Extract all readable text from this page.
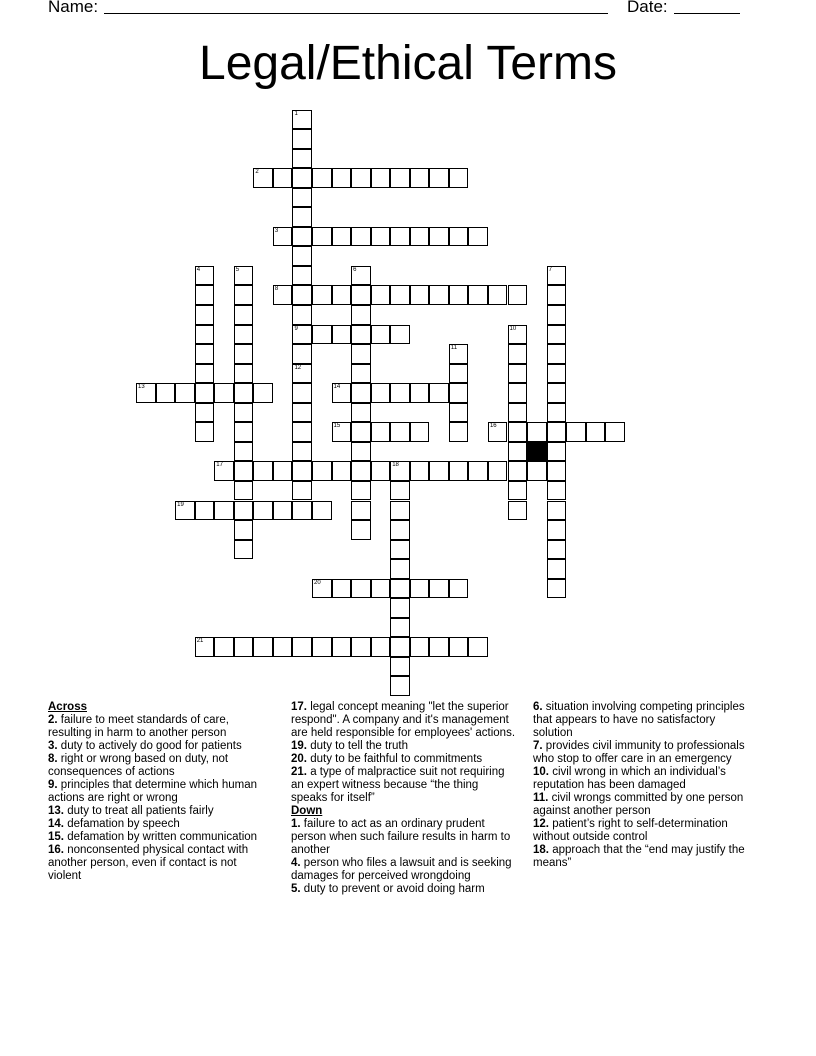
Name:	Date:
Legal/Ethical Terms
1
9
12
2
3
4	5	6	7
8
10
11
13	14
15	16
17	18
19
20
21
Across
2. failure to meet standards of care, resulting in harm to another person
3. duty to actively do good for patients
8. right or wrong based on duty, not consequences of actions
9. principles that determine which human actions are right or wrong
13. duty to treat all patients fairly
14. defamation by speech
15. defamation by written communication
16. nonconsented physical contact with another person, even if contact is not violent
17. legal concept meaning "let the superior respond". A company and it's management are held responsible for employees' actions.
19. duty to tell the truth
20. duty to be faithful to commitments
21. a type of malpractice suit not requiring an expert witness because “the thing speaks for itself”
Down
1. failure to act as an ordinary prudent person when such failure results in harm to another
4. person who files a lawsuit and is seeking damages for perceived wrongdoing
5. duty to prevent or avoid doing harm
6. situation involving competing principles that appears to have no satisfactory solution
7. provides civil immunity to professionals who stop to offer care in an emergency
10. civil wrong in which an individual’s reputation has been damaged
11. civil wrongs committed by one person against another person
12. patient’s right to self-determination without outside control
18. approach that the “end may justify the means”
